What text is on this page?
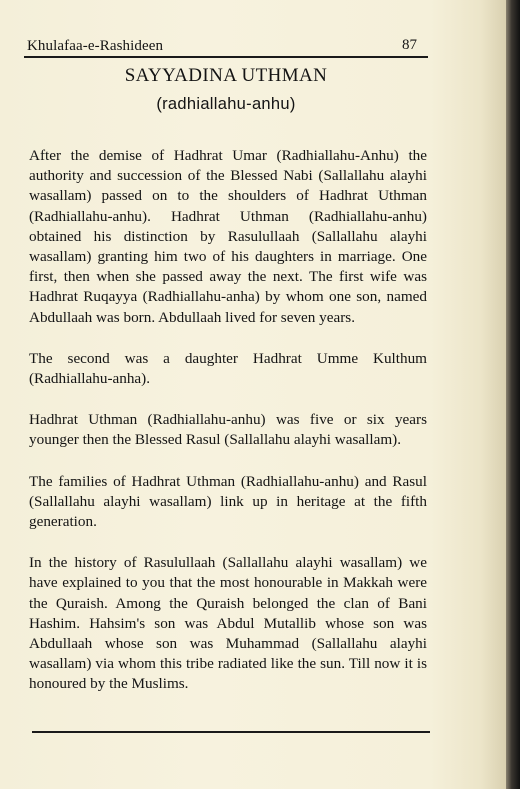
Khulafaa-e-Rashideen	87
SAYYADINA UTHMAN
(radhiallahu-anhu)

After the demise of Hadhrat Umar (Radhiallahu-Anhu) the authority and succession of the Blessed Nabi (Sallallahu alayhi wasallam) passed on to the shoulders of Hadhrat Uthman (Radhiallahu-anhu). Hadhrat Uthman (Radhiallahu-anhu) obtained his distinction by Rasulullaah (Sallallahu alayhi wasallam) granting him two of his daughters in marriage. One first, then when she passed away the next. The first wife was Hadhrat Ruqayya (Radhiallahu-anha) by whom one son, named Abdullaah was born. Abdullaah lived for seven years.

The second was a daughter Hadhrat Umme Kulthum (Radhiallahu-anha).

Hadhrat Uthman (Radhiallahu-anhu) was five or six years younger then the Blessed Rasul (Sallallahu alayhi wasallam).

The families of Hadhrat Uthman (Radhiallahu-anhu) and Rasul (Sallallahu alayhi wasallam) link up in heritage at the fifth generation.

In the history of Rasulullaah (Sallallahu alayhi wasallam) we have explained to you that the most honourable in Makkah were the Quraish. Among the Quraish belonged the clan of Bani Hashim. Hahsim's son was Abdul Mutallib whose son was Abdullaah whose son was Muhammad (Sallallahu alayhi wasallam) via whom this tribe radiated like the sun. Till now it is honoured by the Muslims.
